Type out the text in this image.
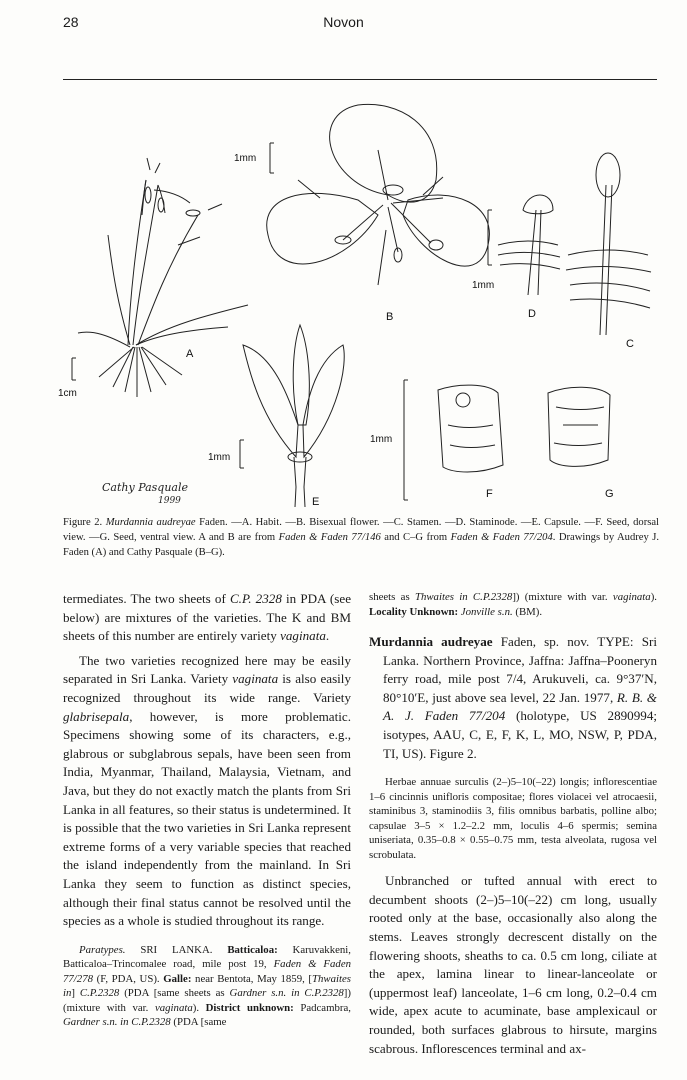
28	Novon
A
B
C
D
E
F	G
1cm
1mm
1mm
1mm
1mm
Cathy Pasquale
1999
Figure 2. Murdannia audreyae Faden. —A. Habit. —B. Bisexual flower. —C. Stamen. —D. Staminode. —E. Capsule. —F. Seed, dorsal view. —G. Seed, ventral view. A and B are from Faden & Faden 77/146 and C–G from Faden & Faden 77/204. Drawings by Audrey J. Faden (A) and Cathy Pasquale (B–G).

termediates. The two sheets of C.P. 2328 in PDA (see below) are mixtures of the varieties. The K and BM sheets of this number are entirely variety vaginata.

The two varieties recognized here may be easily separated in Sri Lanka. Variety vaginata is also easily recognized throughout its wide range. Variety glabrisepala, however, is more problematic. Specimens showing some of its characters, e.g., glabrous or subglabrous sepals, have been seen from India, Myanmar, Thailand, Malaysia, Vietnam, and Java, but they do not exactly match the plants from Sri Lanka in all features, so their status is undetermined. It is possible that the two varieties in Sri Lanka represent extreme forms of a very variable species that reached the island independently from the mainland. In Sri Lanka they seem to function as distinct species, although their final status cannot be resolved until the species as a whole is studied throughout its range.

Paratypes. SRI LANKA. Batticaloa: Karuvakkeni, Batticaloa–Trincomalee road, mile post 19, Faden & Faden 77/278 (F, PDA, US). Galle: near Bentota, May 1859, [Thwaites in] C.P.2328 (PDA [same sheets as Gardner s.n. in C.P.2328]) (mixture with var. vaginata). District unknown: Padcambra, Gardner s.n. in C.P.2328 (PDA [same

sheets as Thwaites in C.P.2328]) (mixture with var. vaginata). Locality Unknown: Jonville s.n. (BM).

Murdannia audreyae Faden, sp. nov. TYPE: Sri Lanka. Northern Province, Jaffna: Jaffna–Pooneryn ferry road, mile post 7/4, Arukuveli, ca. 9°37′N, 80°10′E, just above sea level, 22 Jan. 1977, R. B. & A. J. Faden 77/204 (holotype, US 2890994; isotypes, AAU, C, E, F, K, L, MO, NSW, P, PDA, TI, US). Figure 2.

Herbae annuae surculis (2–)5–10(–22) longis; inflorescentiae 1–6 cincinnis unifloris compositae; flores violacei vel atrocaesii, staminibus 3, staminodiis 3, filis omnibus barbatis, polline albo; capsulae 3–5 × 1.2–2.2 mm, loculis 4–6 spermis; semina uniseriata, 0.35–0.8 × 0.55–0.75 mm, testa alveolata, rugosa vel scrobulata.

Unbranched or tufted annual with erect to decumbent shoots (2–)5–10(–22) cm long, usually rooted only at the base, occasionally also along the stems. Leaves strongly decrescent distally on the flowering shoots, sheaths to ca. 0.5 cm long, ciliate at the apex, lamina linear to linear-lanceolate or (uppermost leaf) lanceolate, 1–6 cm long, 0.2–0.4 cm wide, apex acute to acuminate, base amplexicaul or rounded, both surfaces glabrous to hirsute, margins scabrous. Inflorescences terminal and ax-
